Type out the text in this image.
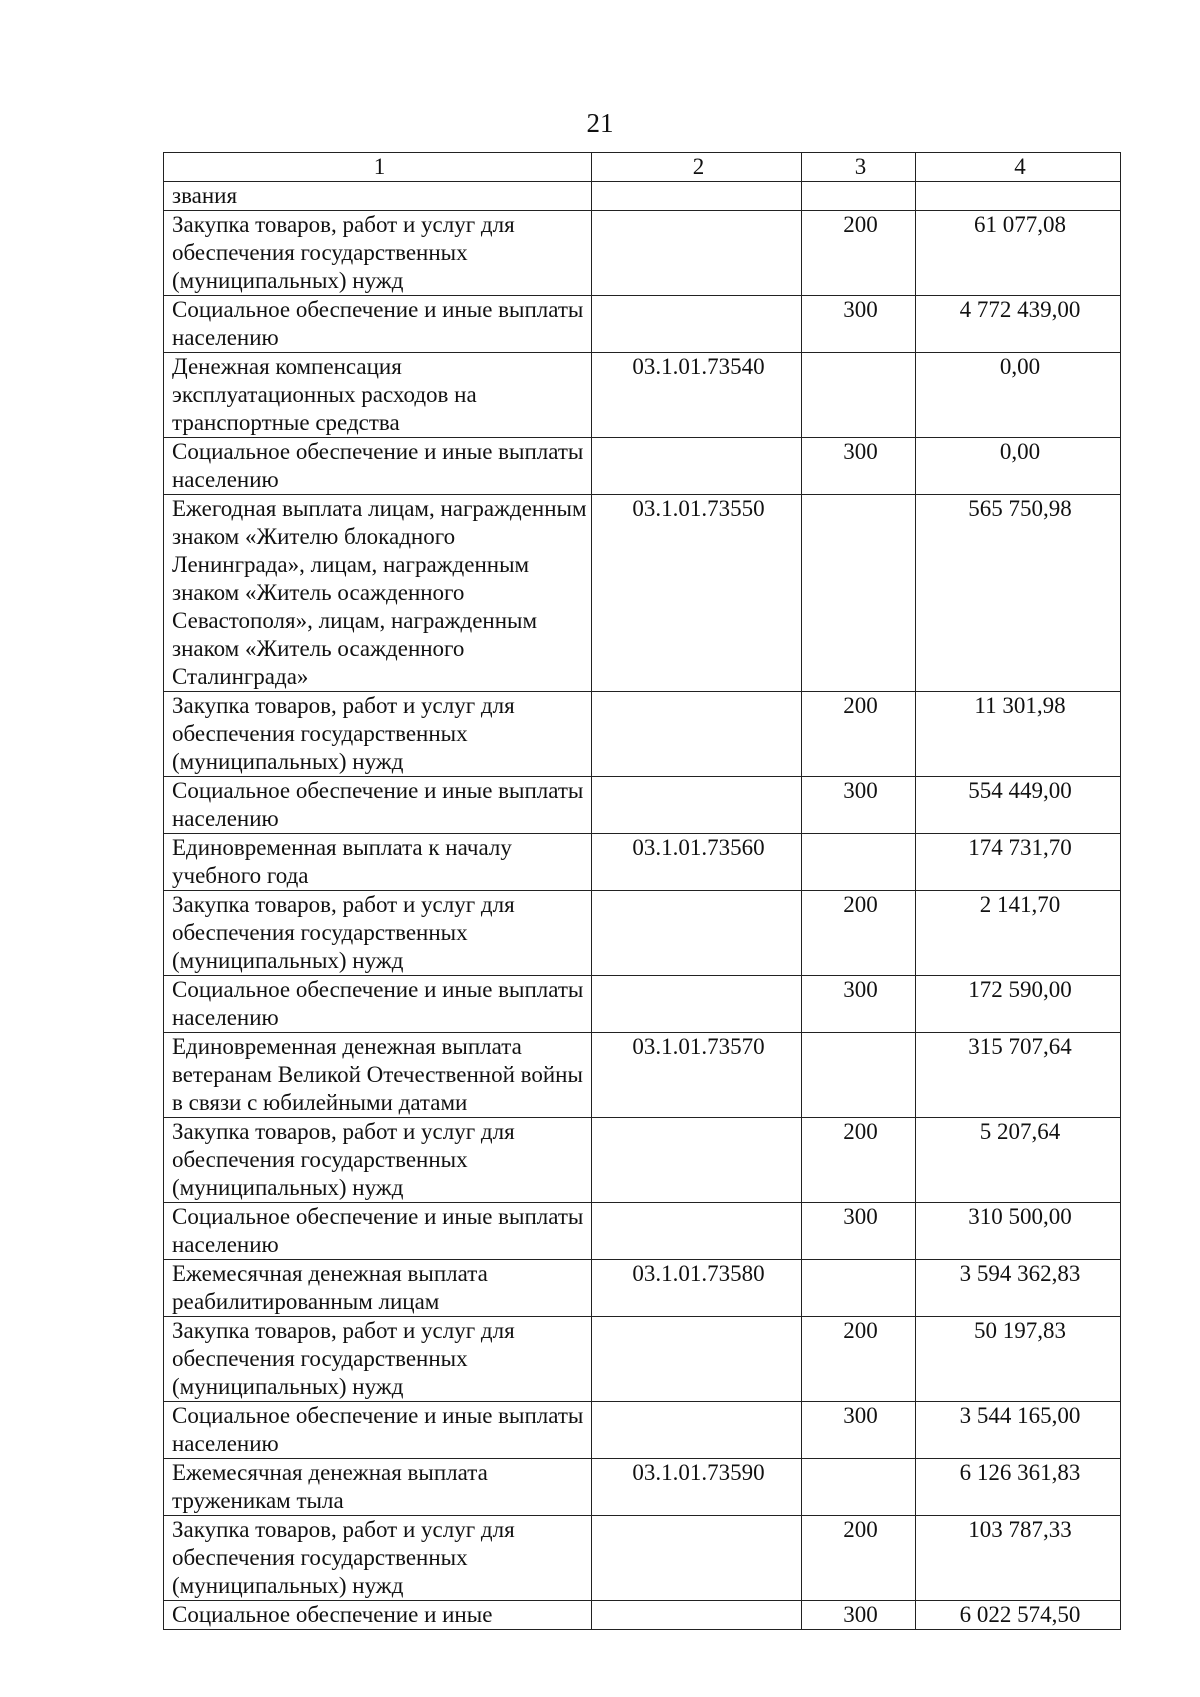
21
1	2	3	4
звания			
Закупка товаров, работ и услуг для обеспечения государственных (муниципальных) нужд		200	61 077,08
Социальное обеспечение и иные выплаты населению		300	4 772 439,00
Денежная компенсация эксплуатационных расходов на транспортные средства	03.1.01.73540		0,00
Социальное обеспечение и иные выплаты населению		300	0,00
Ежегодная выплата лицам, награжденным знаком «Жителю блокадного Ленинграда», лицам, награжденным знаком «Житель осажденного Севастополя», лицам, награжденным знаком «Житель осажденного Сталинграда»	03.1.01.73550		565 750,98
Закупка товаров, работ и услуг для обеспечения государственных (муниципальных) нужд		200	11 301,98
Социальное обеспечение и иные выплаты населению		300	554 449,00
Единовременная выплата к началу учебного года	03.1.01.73560		174 731,70
Закупка товаров, работ и услуг для обеспечения государственных (муниципальных) нужд		200	2 141,70
Социальное обеспечение и иные выплаты населению		300	172 590,00
Единовременная денежная выплата ветеранам Великой Отечественной войны в связи с юбилейными датами	03.1.01.73570		315 707,64
Закупка товаров, работ и услуг для обеспечения государственных (муниципальных) нужд		200	5 207,64
Социальное обеспечение и иные выплаты населению		300	310 500,00
Ежемесячная денежная выплата реабилитированным лицам	03.1.01.73580		3 594 362,83
Закупка товаров, работ и услуг для обеспечения государственных (муниципальных) нужд		200	50 197,83
Социальное обеспечение и иные выплаты населению		300	3 544 165,00
Ежемесячная денежная выплата труженикам тыла	03.1.01.73590		6 126 361,83
Закупка товаров, работ и услуг для обеспечения государственных (муниципальных) нужд		200	103 787,33
Социальное обеспечение и иные		300	6 022 574,50
